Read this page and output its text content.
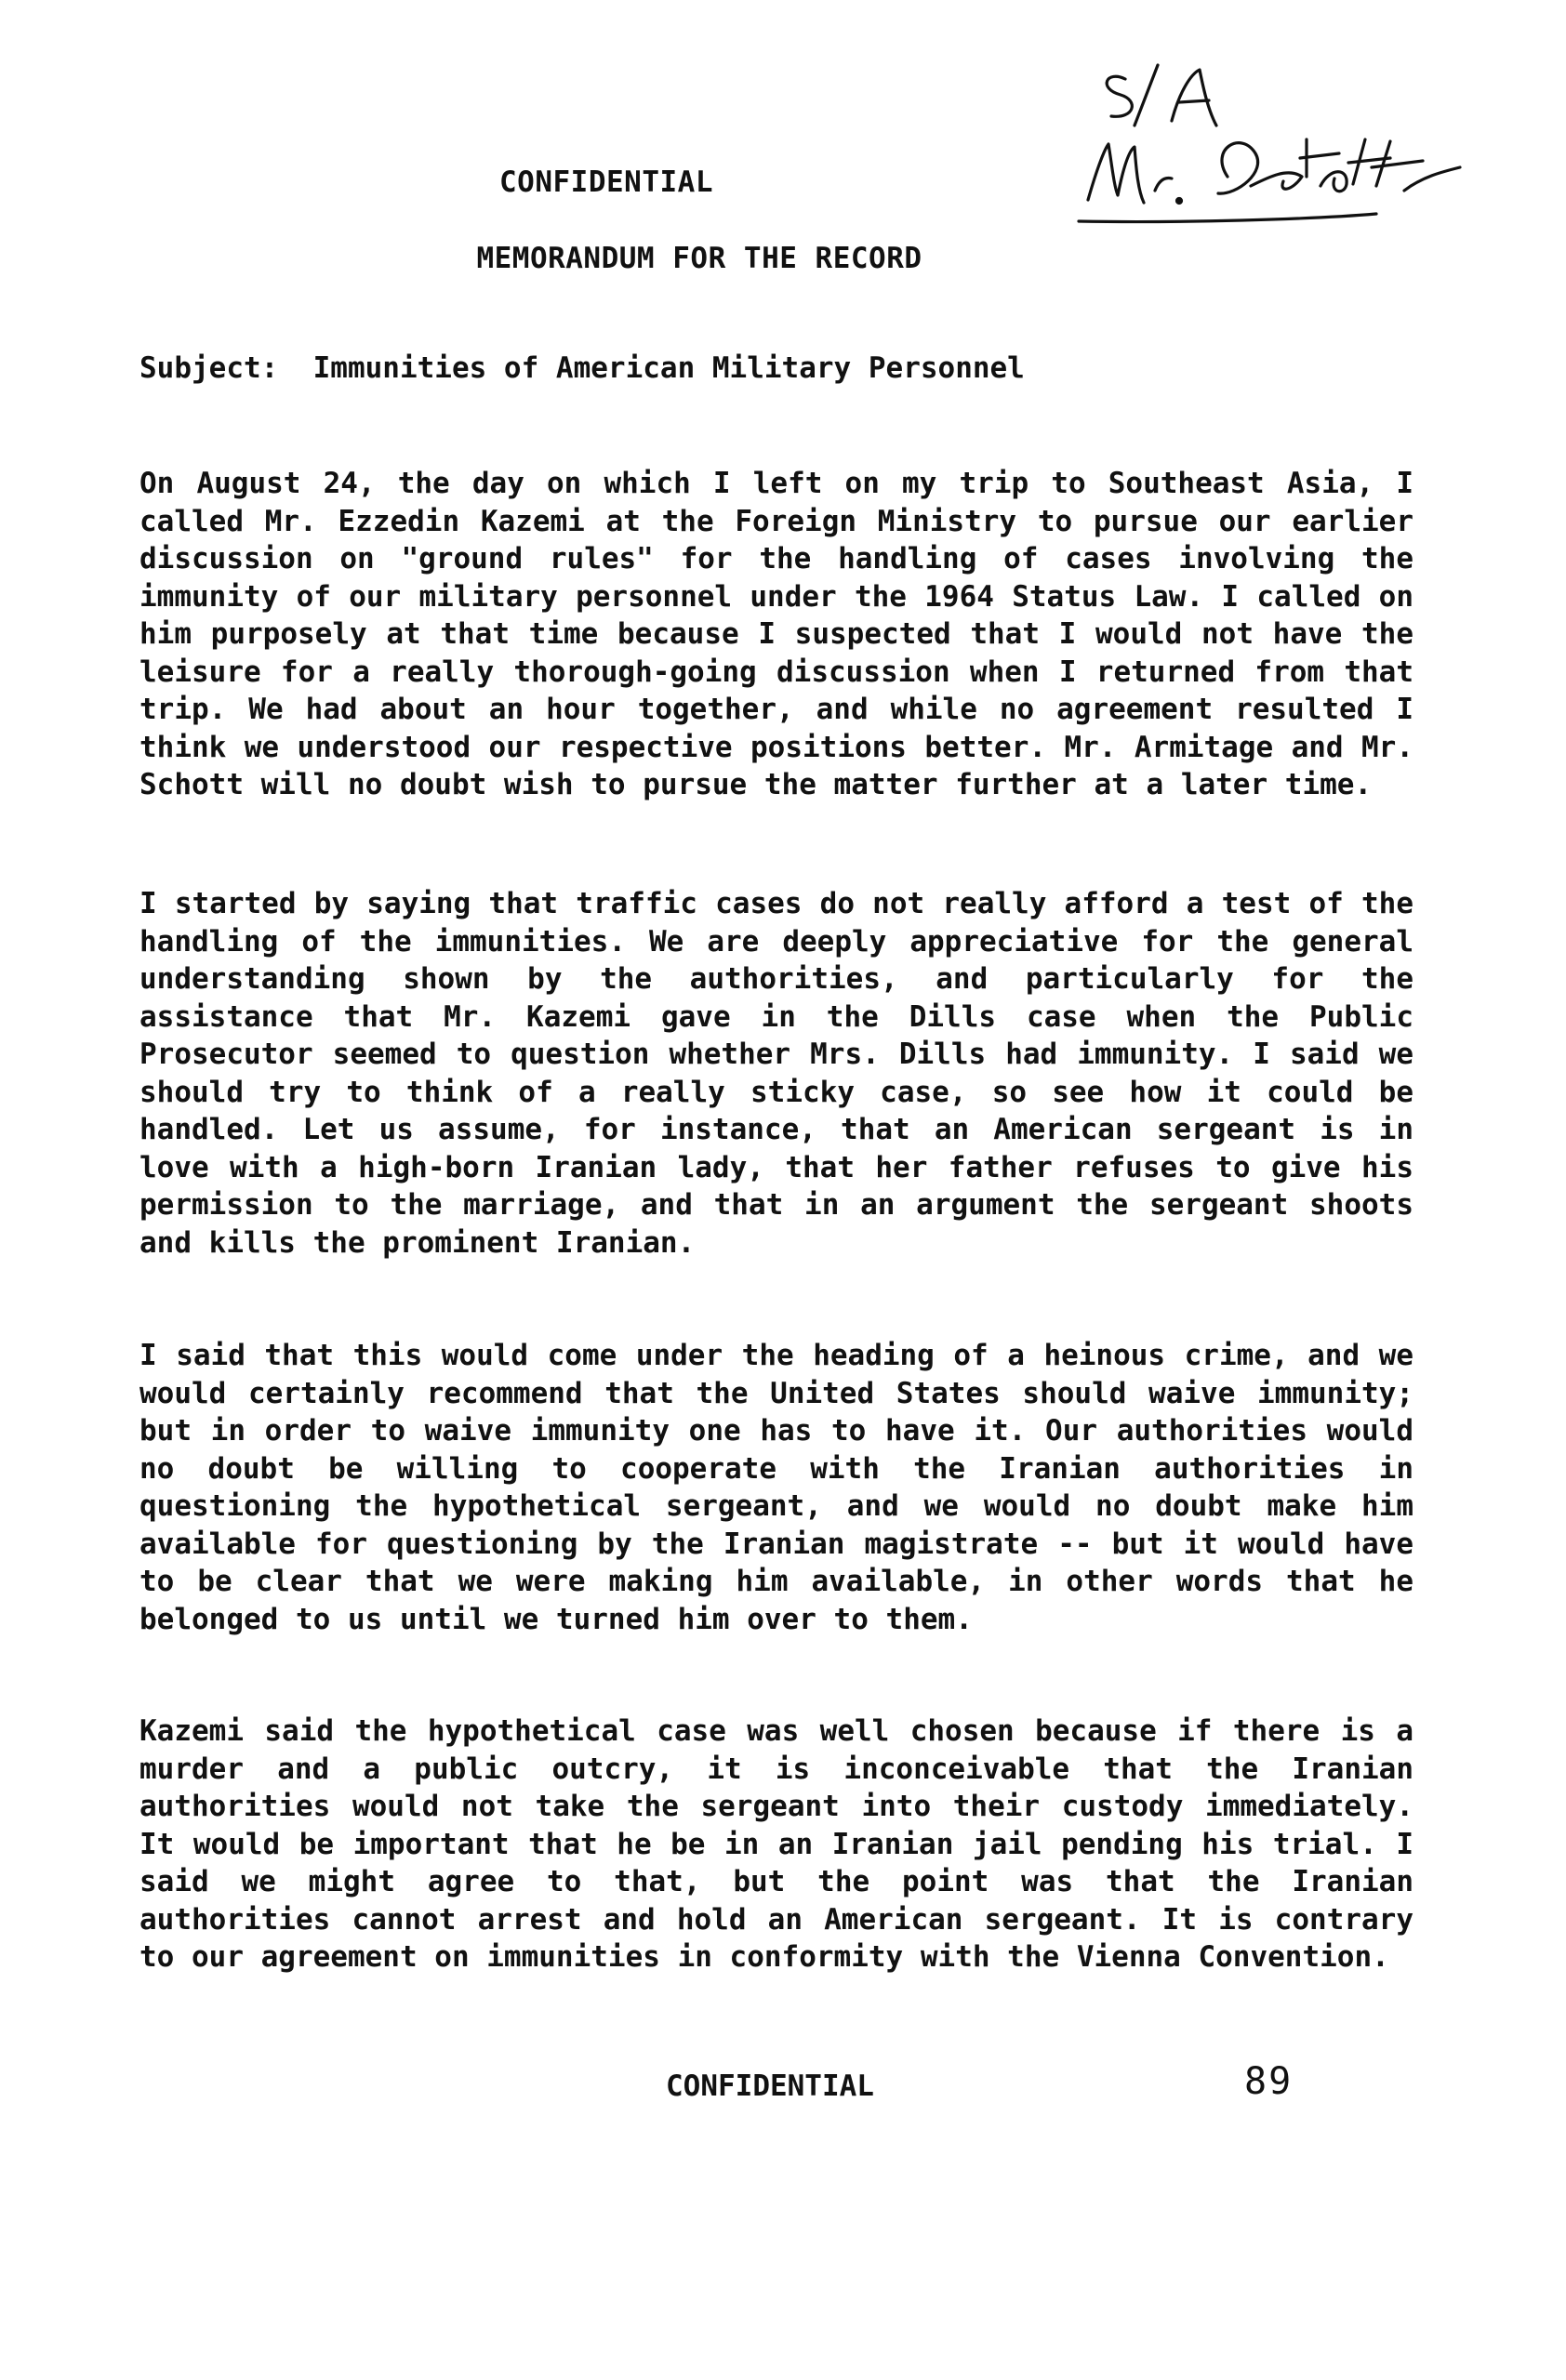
CONFIDENTIAL
MEMORANDUM FOR THE RECORD
Subject:  Immunities of American Military Personnel

On August 24, the day on which I left on my trip to Southeast Asia, I called Mr. Ezzedin Kazemi at the Foreign Ministry to pursue our earlier discussion on "ground rules" for the handling of cases involving the immunity of our military personnel under the 1964 Status Law. I called on him purposely at that time because I suspected that I would not have the leisure for a really thorough-going discussion when I returned from that trip. We had about an hour together, and while no agreement resulted I think we understood our respective positions better. Mr. Armitage and Mr. Schott will no doubt wish to pursue the matter further at a later time.

I started by saying that traffic cases do not really afford a test of the handling of the immunities. We are deeply appreciative for the general understanding shown by the authorities, and particularly for the assistance that Mr. Kazemi gave in the Dills case when the Public Prosecutor seemed to question whether Mrs. Dills had immunity. I said we should try to think of a really sticky case, so see how it could be handled. Let us assume, for instance, that an American sergeant is in love with a high-born Iranian lady, that her father refuses to give his permission to the marriage, and that in an argument the sergeant shoots and kills the prominent Iranian.

I said that this would come under the heading of a heinous crime, and we would certainly recommend that the United States should waive immunity; but in order to waive immunity one has to have it. Our authorities would no doubt be willing to cooperate with the Iranian authorities in questioning the hypothetical sergeant, and we would no doubt make him available for questioning by the Iranian magistrate -- but it would have to be clear that we were making him available, in other words that he belonged to us until we turned him over to them.

Kazemi said the hypothetical case was well chosen because if there is a murder and a public outcry, it is inconceivable that the Iranian authorities would not take the sergeant into their custody immediately. It would be important that he be in an Iranian jail pending his trial. I said we might agree to that, but the point was that the Iranian authorities cannot arrest and hold an American sergeant. It is contrary to our agreement on immunities in conformity with the Vienna Convention.

CONFIDENTIAL	89
